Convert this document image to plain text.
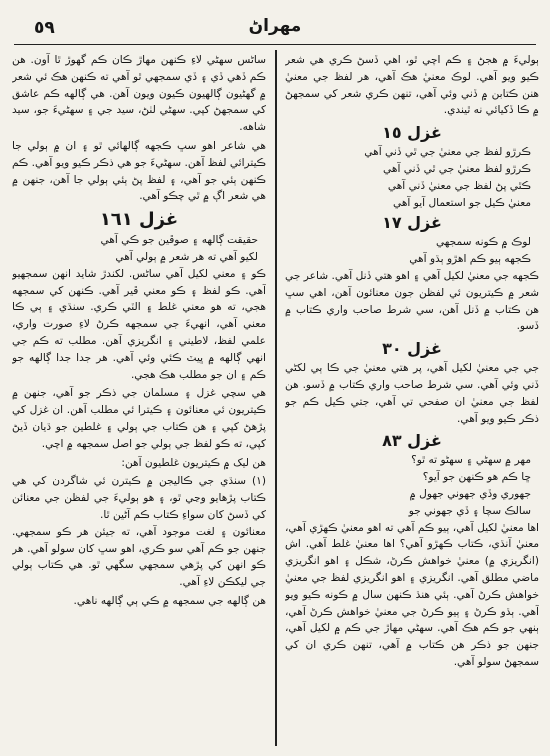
٥٩	مهراڻ

ٻوليءَ ۾ هجڻ ۽ ڪم اچي ٿو، اهي ڏسڻ ڪري هي شعر ڪيو ويو آهي. لوڪ معنيٰ هڪ آهي، هر لفظ جي معنيٰ هنن ڪتابن ۾ ڏني وئي آهي، تنهن ڪري شعر کي سمجهڻ ۾ ڪا ڏکيائي نه ٿيندي.

غزل ١٥

ڪرڙو لفظ جي معنيٰ جي ٿي ڏني آهي

ڪرڙو لفظ معنيٰ جي ٿي ڏني آهي

ڪٿي پڻ لفظ جي معنيٰ ڏني آهي

معنيٰ ڪيل جو استعمال آيو آهي

غزل ١٧

لوڪ ۾ ڪونه سمجهي

ڪجهه ٻيو ڪم اهڙو ٻڌو آهي

ڪجهه جي معنيٰ لکيل آهي ۽ اهو هتي ڏنل آهي. شاعر جي شعر ۾ ڪيتريون ئي لفظن جون معنائون آهن، اهي سڀ هن ڪتاب ۾ ڏنل آهن، سي شرط صاحب واري ڪتاب ۾ ڏسو.

غزل ٣٠

جي جي معنيٰ لکيل آهي، پر هتي معنيٰ جي ڪا ٻي لکڻي ڏني وئي آهي. سي شرط صاحب واري ڪتاب ۾ ڏسو. هن لفظ جي معنيٰ ان صفحي تي آهي، جتي ڪيل ڪم جو ذڪر ڪيو ويو آهي.

غزل ٨٣

مهر ۾ سهڻي ۽ سهڻو ته ٿو؟

ڇا ڪم هو ڪنهن جو آيو؟

جهوري وڏي جهوني جهول ۾

سالڪ سچا ۽ ڏي جهوني جو

اها معنيٰ لکيل آهي، ٻيو ڪم آهي ته اهو معنيٰ ڪهڙي آهي، معنيٰ آنڌي، ڪتاب ڪهڙو آهي؟ اها معنيٰ غلط آهي. اش (انگريزي ۾) معنيٰ خواهش ڪرڻ، شڪل ۽ اهو انگريزي ماضي مطلق آهي. انگريزي ۽ اهو انگريزي لفظ جي معنيٰ خواهش ڪرڻ آهي. ٻئي هنڌ ڪنهن سال ۾ ڪونه ڪيو ويو آهي. ٻڌو ڪرڻ ۽ ٻيو ڪرڻ جي معنيٰ خواهش ڪرڻ آهي، ٻنهي جو ڪم هڪ آهي. سهڻي مهاڙ جي ڪم ۾ لکيل آهي، جنهن جو ذڪر هن ڪتاب ۾ آهي، تنهن ڪري ان کي سمجهڻ سولو آهي.

ساڻس سهڻي لاءِ ڪنهن مهاڙ ڪان ڪم گهوڙ ٿا آون. هن ڪم ڏهي ڏي ۽ ڏي سمجهي ٿو آهي ته ڪنهن هڪ ئي شعر ۾ گهڻيون ڳالهيون ڪيون ويون آهن. هي ڳالهه ڪم عاشق کي سمجهڻ کپي. سهڻي لٺڻ، سيد جي ۽ سهڻيءَ جو، سيد شاهه.

هي شاعر اهو سڀ ڪجهه ڳالهائي ٿو ۽ ان ۾ ٻولي جا ڪيترائي لفظ آهن. سهڻيءَ جو هي ذڪر ڪيو ويو آهي. ڪم ڪنهن ٻئي جو آهي، ۽ لفظ پڻ ٻئي ٻولي جا آهن، جنهن ۾ هي شعر اڳ ۾ ٿي چڪو آهي.

غزل ١٦١

حقيقت ڳالهه ۽ صوڦين جو ڪي آهي

لکيو آهي ته هر شعر ۾ ٻولي آهي

ڪو ۽ معني لکيل آهي ساڻس. لکندڙ شايد انهن سمجهيو آهي. ڪو لفظ ۽ ڪو معني ڦير آهي. ڪنهن کي سمجهه هجي، ته هو معني غلط ۽ الٽي ڪري. سنڌي ۽ ٻي ڪا معني آهي، انهيءَ جي سمجهه ڪرڻ لاءِ صورت واري، علمي لفظ، لاطيني ۽ انگريزي آهن. مطلب ته ڪم جي انهي ڳالهه ۾ ڀيٽ ڪئي وئي آهي. هر جدا جدا ڳالهه جو ڪم ۽ ان جو مطلب هڪ هجي.

هي سچي غزل ۽ مسلمان جي ذڪر جو آهي، جنهن ۾ ڪيتريون ئي معنائون ۽ ڪيترا ئي مطلب آهن. ان غزل کي پڙهڻ کپي ۽ هن ڪتاب جي ٻولي ۽ غلطين جو ڌيان ڏيڻ کپي، ته ڪو لفظ جي ٻولي جو اصل سمجهه ۾ اچي.

هن ليک ۾ ڪيتريون غلطيون آهن:

(١) سنڌي جي ڪاليجن ۾ ڪيترن ئي شاگردن کي هي ڪتاب پڙهايو وڃي ٿو، ۽ هو ٻوليءَ جي لفظن جي معنائن کي ڏسڻ کان سواءِ ڪتاب ڪم آڻين ٿا.

معنائون ۽ لغت موجود آهي، ته جيئن هر ڪو سمجهي. جنهن جو ڪم آهي سو ڪري، اهو سڀ کان سولو آهي. هر ڪو انهن کي پڙهي سمجهي سگهي ٿو. هي ڪتاب ٻولي جي ليکڪن لاءِ آهي.

هن ڳالهه جي سمجهه ۾ ڪي ٻي ڳالهه ناهي.
